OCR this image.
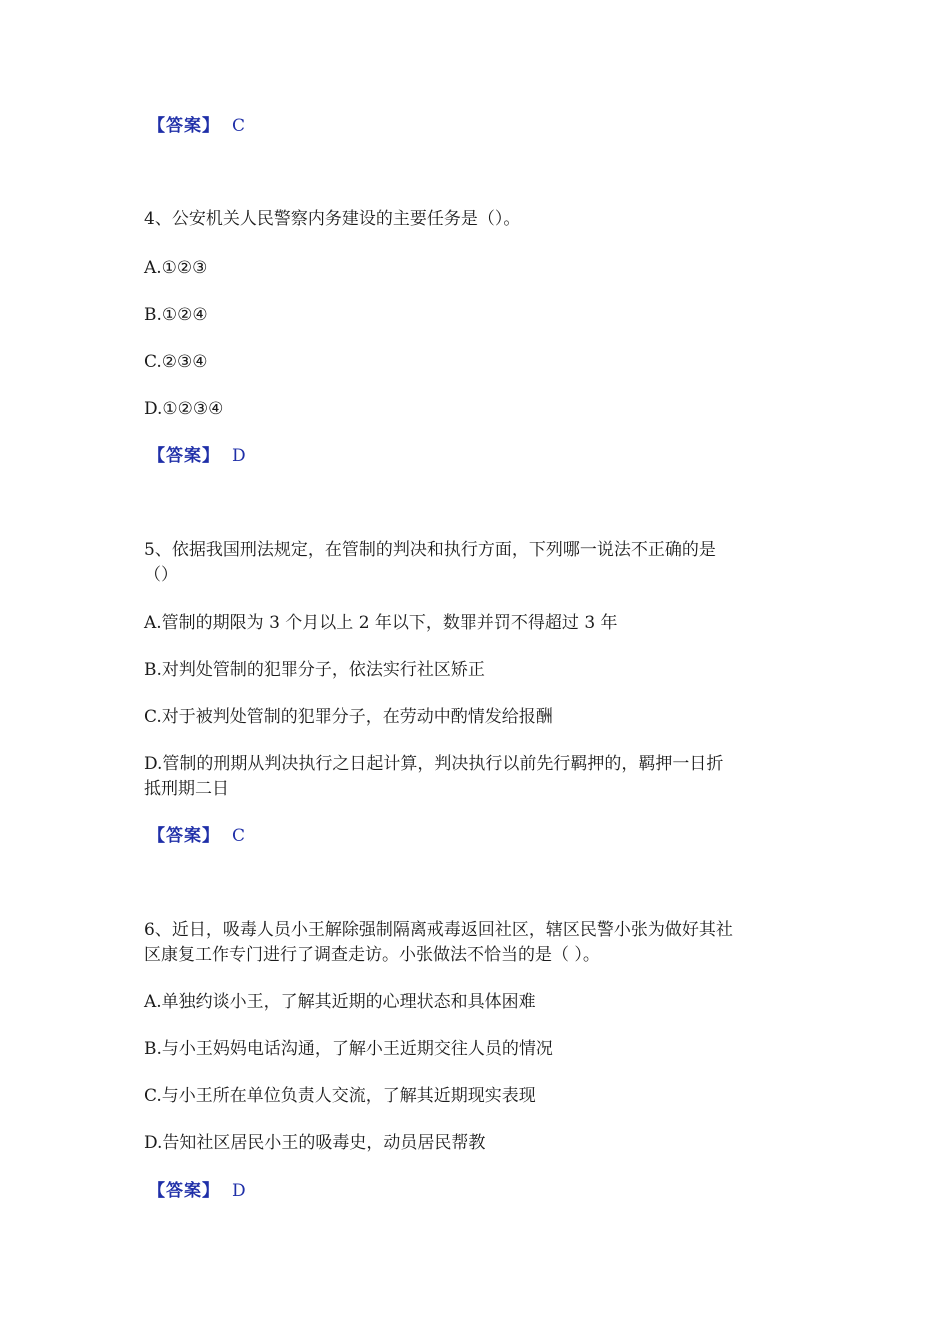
【答案】 C
4、公安机关人民警察内务建设的主要任务是（）。
A.①②③
B.①②④
C.②③④
D.①②③④
【答案】 D
5、依据我国刑法规定，在管制的判决和执行方面，下列哪一说法不正确的是
（）
A.管制的期限为 3 个月以上 2 年以下，数罪并罚不得超过 3 年
B.对判处管制的犯罪分子，依法实行社区矫正
C.对于被判处管制的犯罪分子，在劳动中酌情发给报酬
D.管制的刑期从判决执行之日起计算，判决执行以前先行羁押的，羁押一日折
抵刑期二日
【答案】 C
6、近日，吸毒人员小王解除强制隔离戒毒返回社区，辖区民警小张为做好其社
区康复工作专门进行了调查走访。小张做法不恰当的是（ ）。
A.单独约谈小王，了解其近期的心理状态和具体困难
B.与小王妈妈电话沟通，了解小王近期交往人员的情况
C.与小王所在单位负责人交流，了解其近期现实表现
D.告知社区居民小王的吸毒史，动员居民帮教
【答案】 D
